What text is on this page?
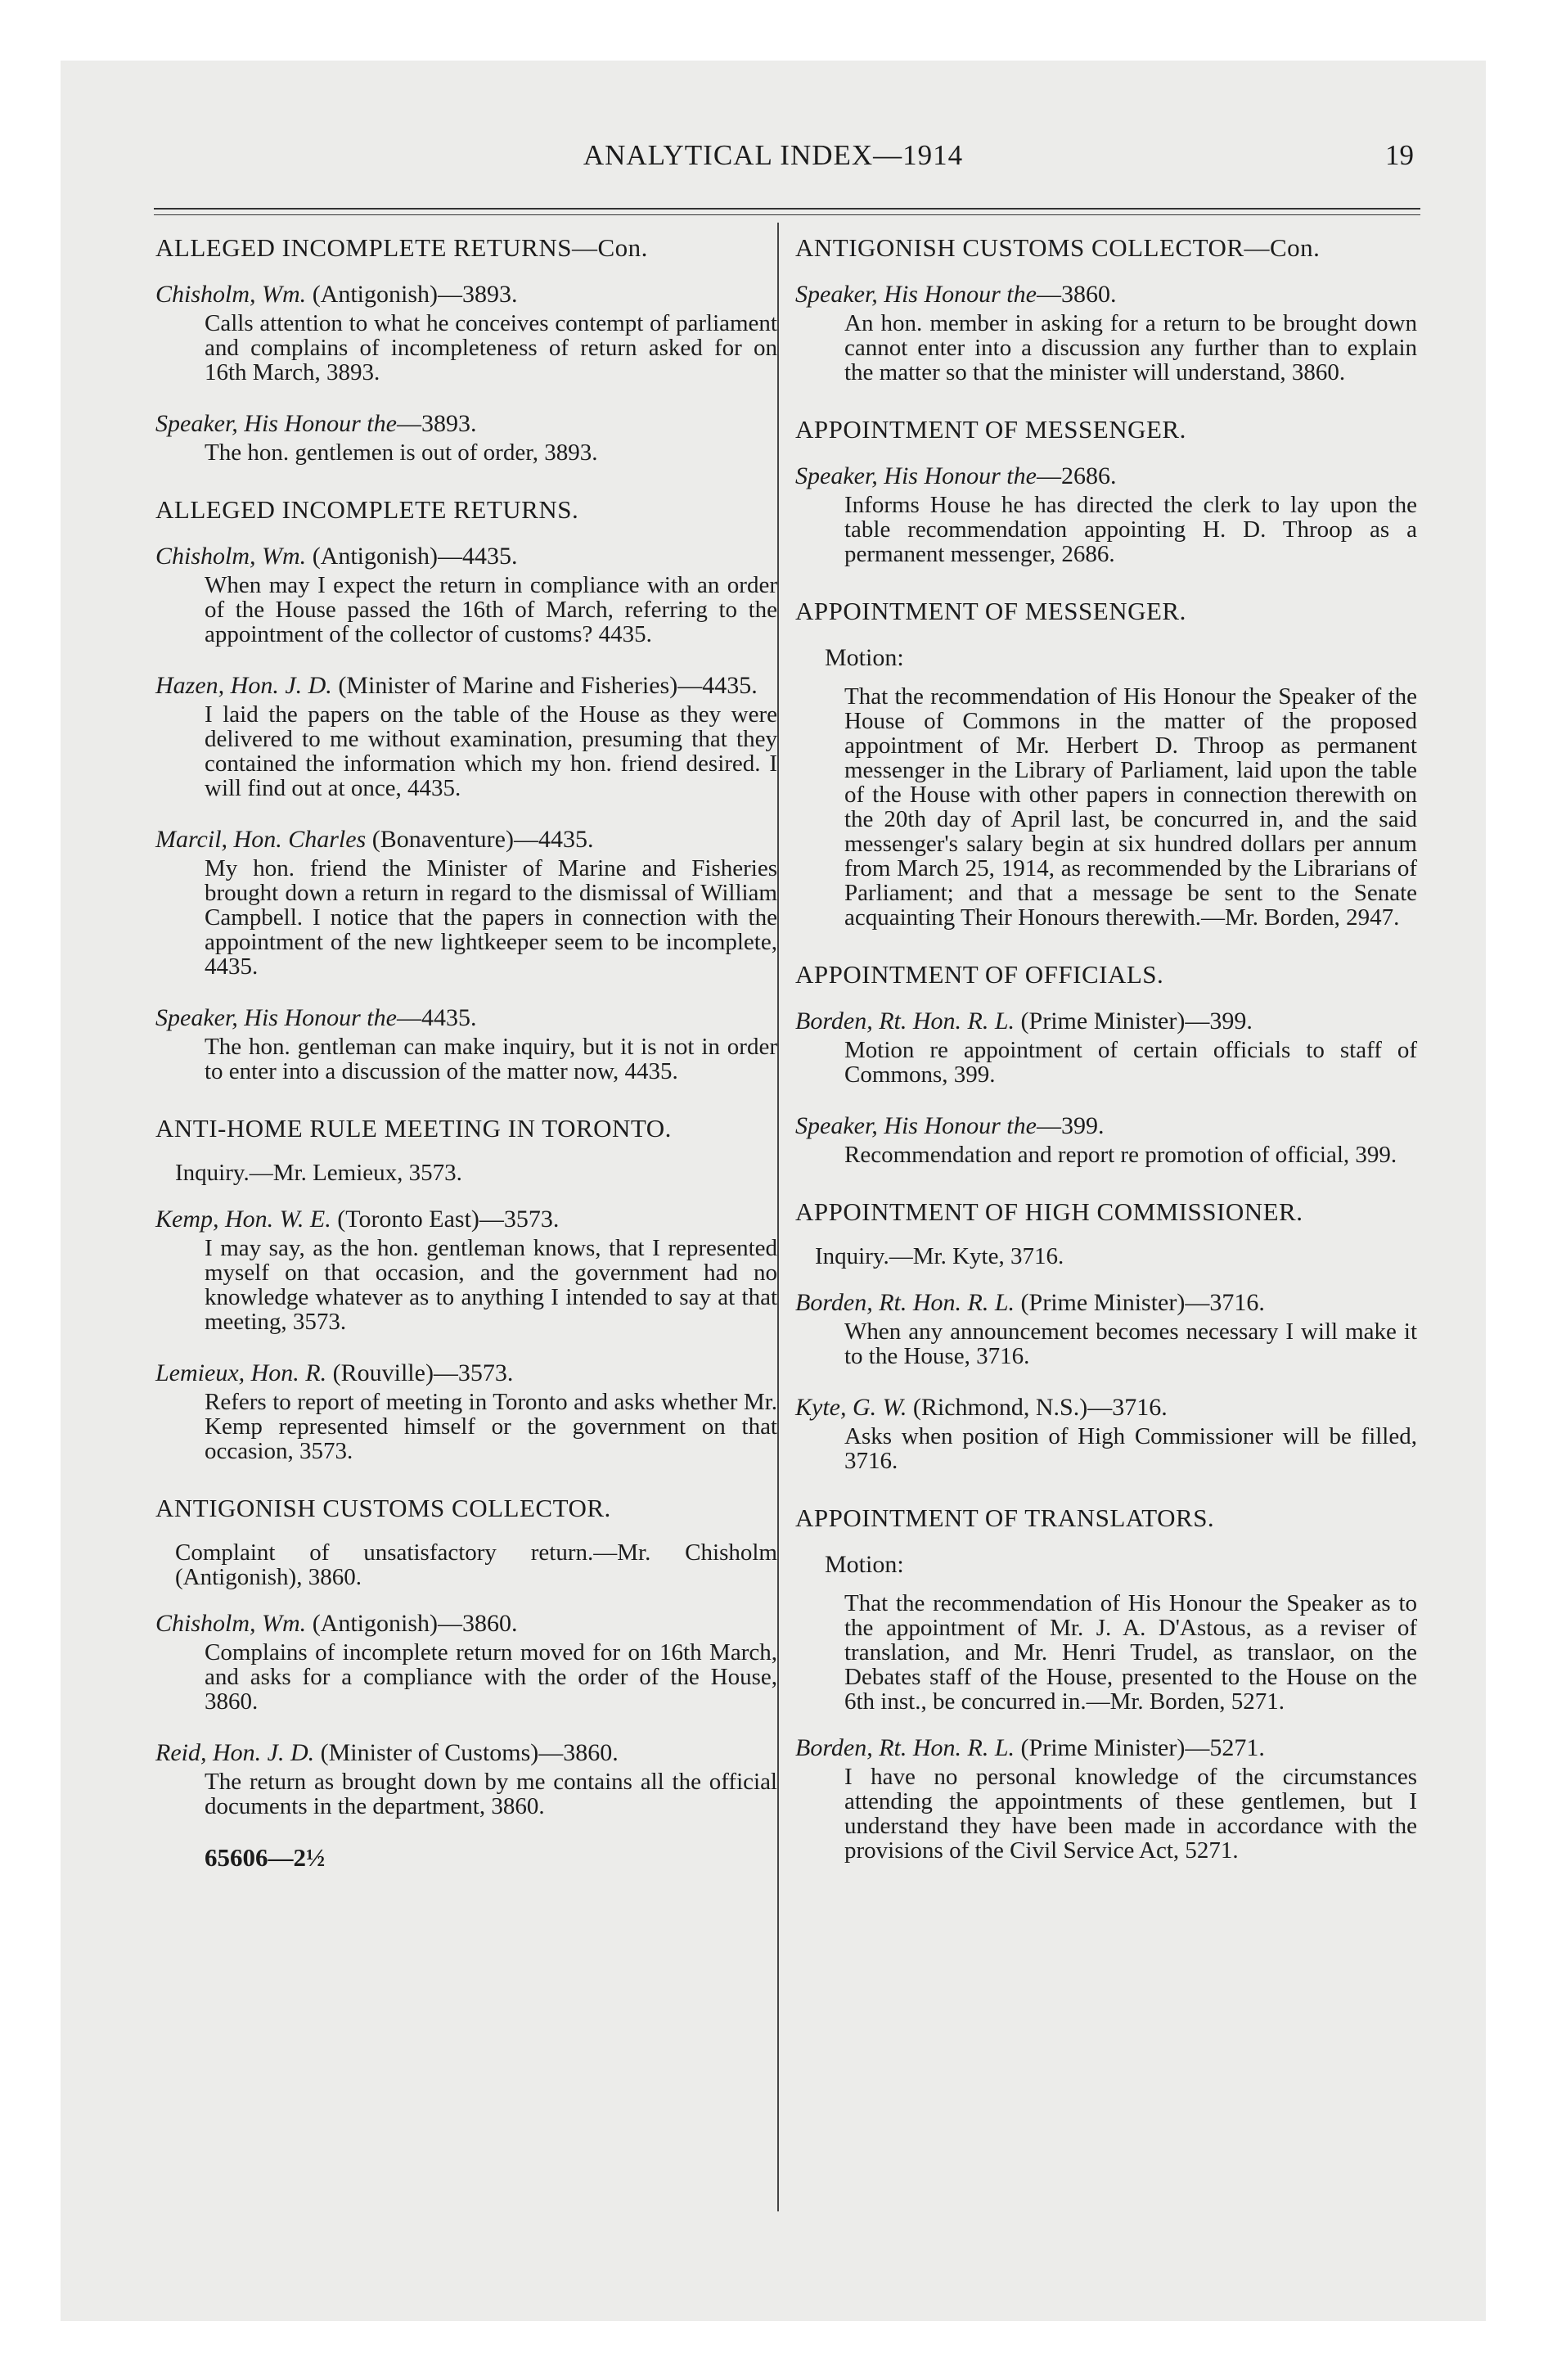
ANALYTICAL INDEX—1914	19
ALLEGED INCOMPLETE RETURNS—Con.
Chisholm, Wm. (Antigonish)—3893.
Calls attention to what he conceives contempt of parliament and complains of incompleteness of return asked for on 16th March, 3893.
Speaker, His Honour the—3893.
The hon. gentlemen is out of order, 3893.
ALLEGED INCOMPLETE RETURNS.
Chisholm, Wm. (Antigonish)—4435.
When may I expect the return in compliance with an order of the House passed the 16th of March, referring to the appointment of the collector of customs? 4435.
Hazen, Hon. J. D. (Minister of Marine and Fisheries)—4435.
I laid the papers on the table of the House as they were delivered to me without examination, presuming that they contained the information which my hon. friend desired. I will find out at once, 4435.
Marcil, Hon. Charles (Bonaventure)—4435.
My hon. friend the Minister of Marine and Fisheries brought down a return in regard to the dismissal of William Campbell. I notice that the papers in connection with the appointment of the new lightkeeper seem to be incomplete, 4435.
Speaker, His Honour the—4435.
The hon. gentleman can make inquiry, but it is not in order to enter into a discussion of the matter now, 4435.
ANTI-HOME RULE MEETING IN TORONTO.
Inquiry.—Mr. Lemieux, 3573.
Kemp, Hon. W. E. (Toronto East)—3573.
I may say, as the hon. gentleman knows, that I represented myself on that occasion, and the government had no knowledge whatever as to anything I intended to say at that meeting, 3573.
Lemieux, Hon. R. (Rouville)—3573.
Refers to report of meeting in Toronto and asks whether Mr. Kemp represented himself or the government on that occasion, 3573.
ANTIGONISH CUSTOMS COLLECTOR.
Complaint of unsatisfactory return.—Mr. Chisholm (Antigonish), 3860.
Chisholm, Wm. (Antigonish)—3860.
Complains of incomplete return moved for on 16th March, and asks for a compliance with the order of the House, 3860.
Reid, Hon. J. D. (Minister of Customs)—3860.
The return as brought down by me contains all the official documents in the department, 3860.
65606—2½
ANTIGONISH CUSTOMS COLLECTOR—Con.
Speaker, His Honour the—3860.
An hon. member in asking for a return to be brought down cannot enter into a discussion any further than to explain the matter so that the minister will understand, 3860.
APPOINTMENT OF MESSENGER.
Speaker, His Honour the—2686.
Informs House he has directed the clerk to lay upon the table recommendation appointing H. D. Throop as a permanent messenger, 2686.
APPOINTMENT OF MESSENGER.
Motion:
That the recommendation of His Honour the Speaker of the House of Commons in the matter of the proposed appointment of Mr. Herbert D. Throop as permanent messenger in the Library of Parliament, laid upon the table of the House with other papers in connection therewith on the 20th day of April last, be concurred in, and the said messenger's salary begin at six hundred dollars per annum from March 25, 1914, as recommended by the Librarians of Parliament; and that a message be sent to the Senate acquainting Their Honours therewith.—Mr. Borden, 2947.
APPOINTMENT OF OFFICIALS.
Borden, Rt. Hon. R. L. (Prime Minister)—399.
Motion re appointment of certain officials to staff of Commons, 399.
Speaker, His Honour the—399.
Recommendation and report re promotion of official, 399.
APPOINTMENT OF HIGH COMMISSIONER.
Inquiry.—Mr. Kyte, 3716.
Borden, Rt. Hon. R. L. (Prime Minister)—3716.
When any announcement becomes necessary I will make it to the House, 3716.
Kyte, G. W. (Richmond, N.S.)—3716.
Asks when position of High Commissioner will be filled, 3716.
APPOINTMENT OF TRANSLATORS.
Motion:
That the recommendation of His Honour the Speaker as to the appointment of Mr. J. A. D'Astous, as a reviser of translation, and Mr. Henri Trudel, as translaor, on the Debates staff of the House, presented to the House on the 6th inst., be concurred in.—Mr. Borden, 5271.
Borden, Rt. Hon. R. L. (Prime Minister)—5271.
I have no personal knowledge of the circumstances attending the appointments of these gentlemen, but I understand they have been made in accordance with the provisions of the Civil Service Act, 5271.
